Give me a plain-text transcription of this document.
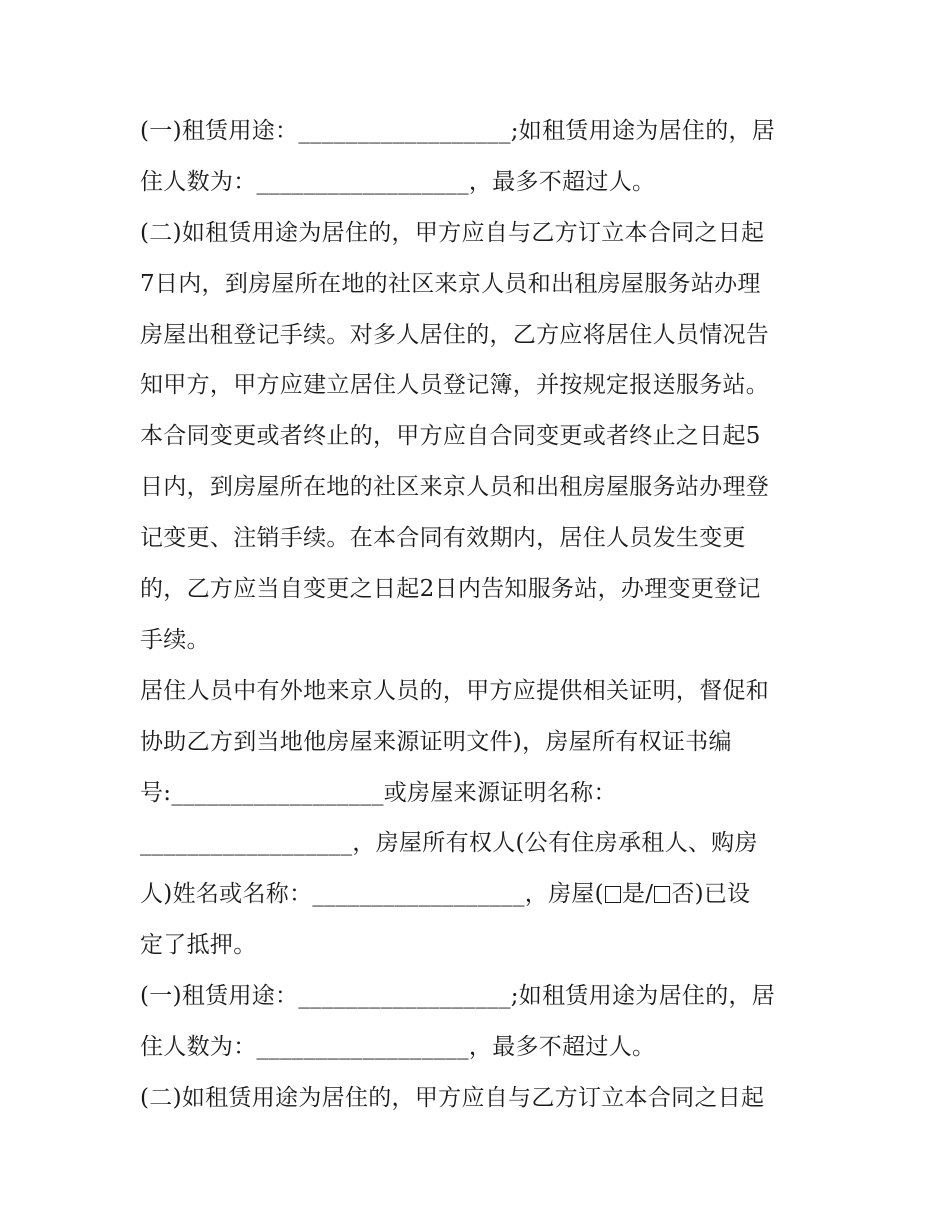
(一)租赁用途：__________________;如租赁用途为居住的，居
住人数为：__________________，最多不超过人。
(二)如租赁用途为居住的，甲方应自与乙方订立本合同之日起
7日内，到房屋所在地的社区来京人员和出租房屋服务站办理
房屋出租登记手续。对多人居住的，乙方应将居住人员情况告
知甲方，甲方应建立居住人员登记簿，并按规定报送服务站。
本合同变更或者终止的，甲方应自合同变更或者终止之日起5
日内，到房屋所在地的社区来京人员和出租房屋服务站办理登
记变更、注销手续。在本合同有效期内，居住人员发生变更
的，乙方应当自变更之日起2日内告知服务站，办理变更登记
手续。
居住人员中有外地来京人员的，甲方应提供相关证明，督促和
协助乙方到当地他房屋来源证明文件)，房屋所有权证书编
号:__________________或房屋来源证明名称：
__________________，房屋所有权人(公有住房承租人、购房
人)姓名或名称：__________________，房屋( 是/ 否)已设
定了抵押。
(一)租赁用途：__________________;如租赁用途为居住的，居
住人数为：__________________，最多不超过人。
(二)如租赁用途为居住的，甲方应自与乙方订立本合同之日起
